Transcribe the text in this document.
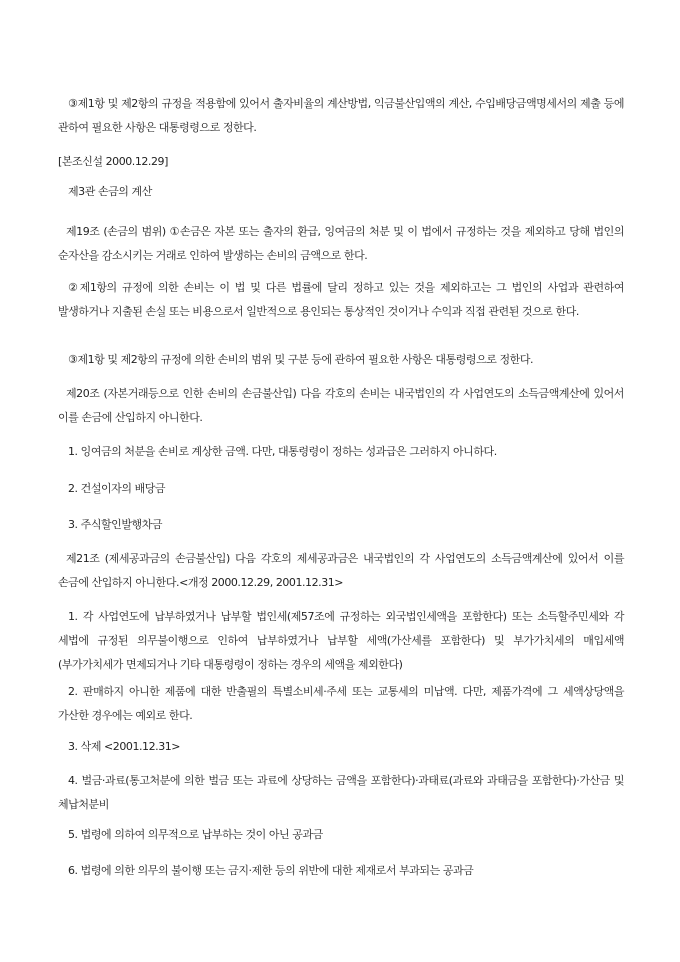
③제1항 및 제2항의 규정을 적용함에 있어서 출자비율의 계산방법, 익금불산입액의 계산, 수입배당금액명세서의 제출 등에 관하여 필요한 사항은 대통령령으로 정한다.
[본조신설 2000.12.29]
제3관 손금의 계산
제19조 (손금의 범위) ①손금은 자본 또는 출자의 환급, 잉여금의 처분 및 이 법에서 규정하는 것을 제외하고 당해 법인의 순자산을 감소시키는 거래로 인하여 발생하는 손비의 금액으로 한다.
②제1항의 규정에 의한 손비는 이 법 및 다른 법률에 달리 정하고 있는 것을 제외하고는 그 법인의 사업과 관련하여 발생하거나 지출된 손실 또는 비용으로서 일반적으로 용인되는 통상적인 것이거나 수익과 직접 관련된 것으로 한다.
③제1항 및 제2항의 규정에 의한 손비의 범위 및 구분 등에 관하여 필요한 사항은 대통령령으로 정한다.
제20조 (자본거래등으로 인한 손비의 손금불산입) 다음 각호의 손비는 내국법인의 각 사업연도의 소득금액계산에 있어서 이를 손금에 산입하지 아니한다.
1. 잉여금의 처분을 손비로 계상한 금액. 다만, 대통령령이 정하는 성과급은 그러하지 아니하다.
2. 건설이자의 배당금
3. 주식할인발행차금
제21조 (제세공과금의 손금불산입) 다음 각호의 제세공과금은 내국법인의 각 사업연도의 소득금액계산에 있어서 이를 손금에 산입하지 아니한다.<개정 2000.12.29, 2001.12.31>
1. 각 사업연도에 납부하였거나 납부할 법인세(제57조에 규정하는 외국법인세액을 포함한다) 또는 소득할주민세와 각 세법에 규정된 의무불이행으로 인하여 납부하였거나 납부할 세액(가산세를 포함한다) 및 부가가치세의 매입세액(부가가치세가 면제되거나 기타 대통령령이 정하는 경우의 세액을 제외한다)
2. 판매하지 아니한 제품에 대한 반출필의 특별소비세·주세 또는 교통세의 미납액. 다만, 제품가격에 그 세액상당액을 가산한 경우에는 예외로 한다.
3. 삭제 <2001.12.31>
4. 벌금·과료(통고처분에 의한 벌금 또는 과료에 상당하는 금액을 포함한다)·과태료(과료와 과태금을 포함한다)·가산금 및 체납처분비
5. 법령에 의하여 의무적으로 납부하는 것이 아닌 공과금
6. 법령에 의한 의무의 불이행 또는 금지·제한 등의 위반에 대한 제재로서 부과되는 공과금
